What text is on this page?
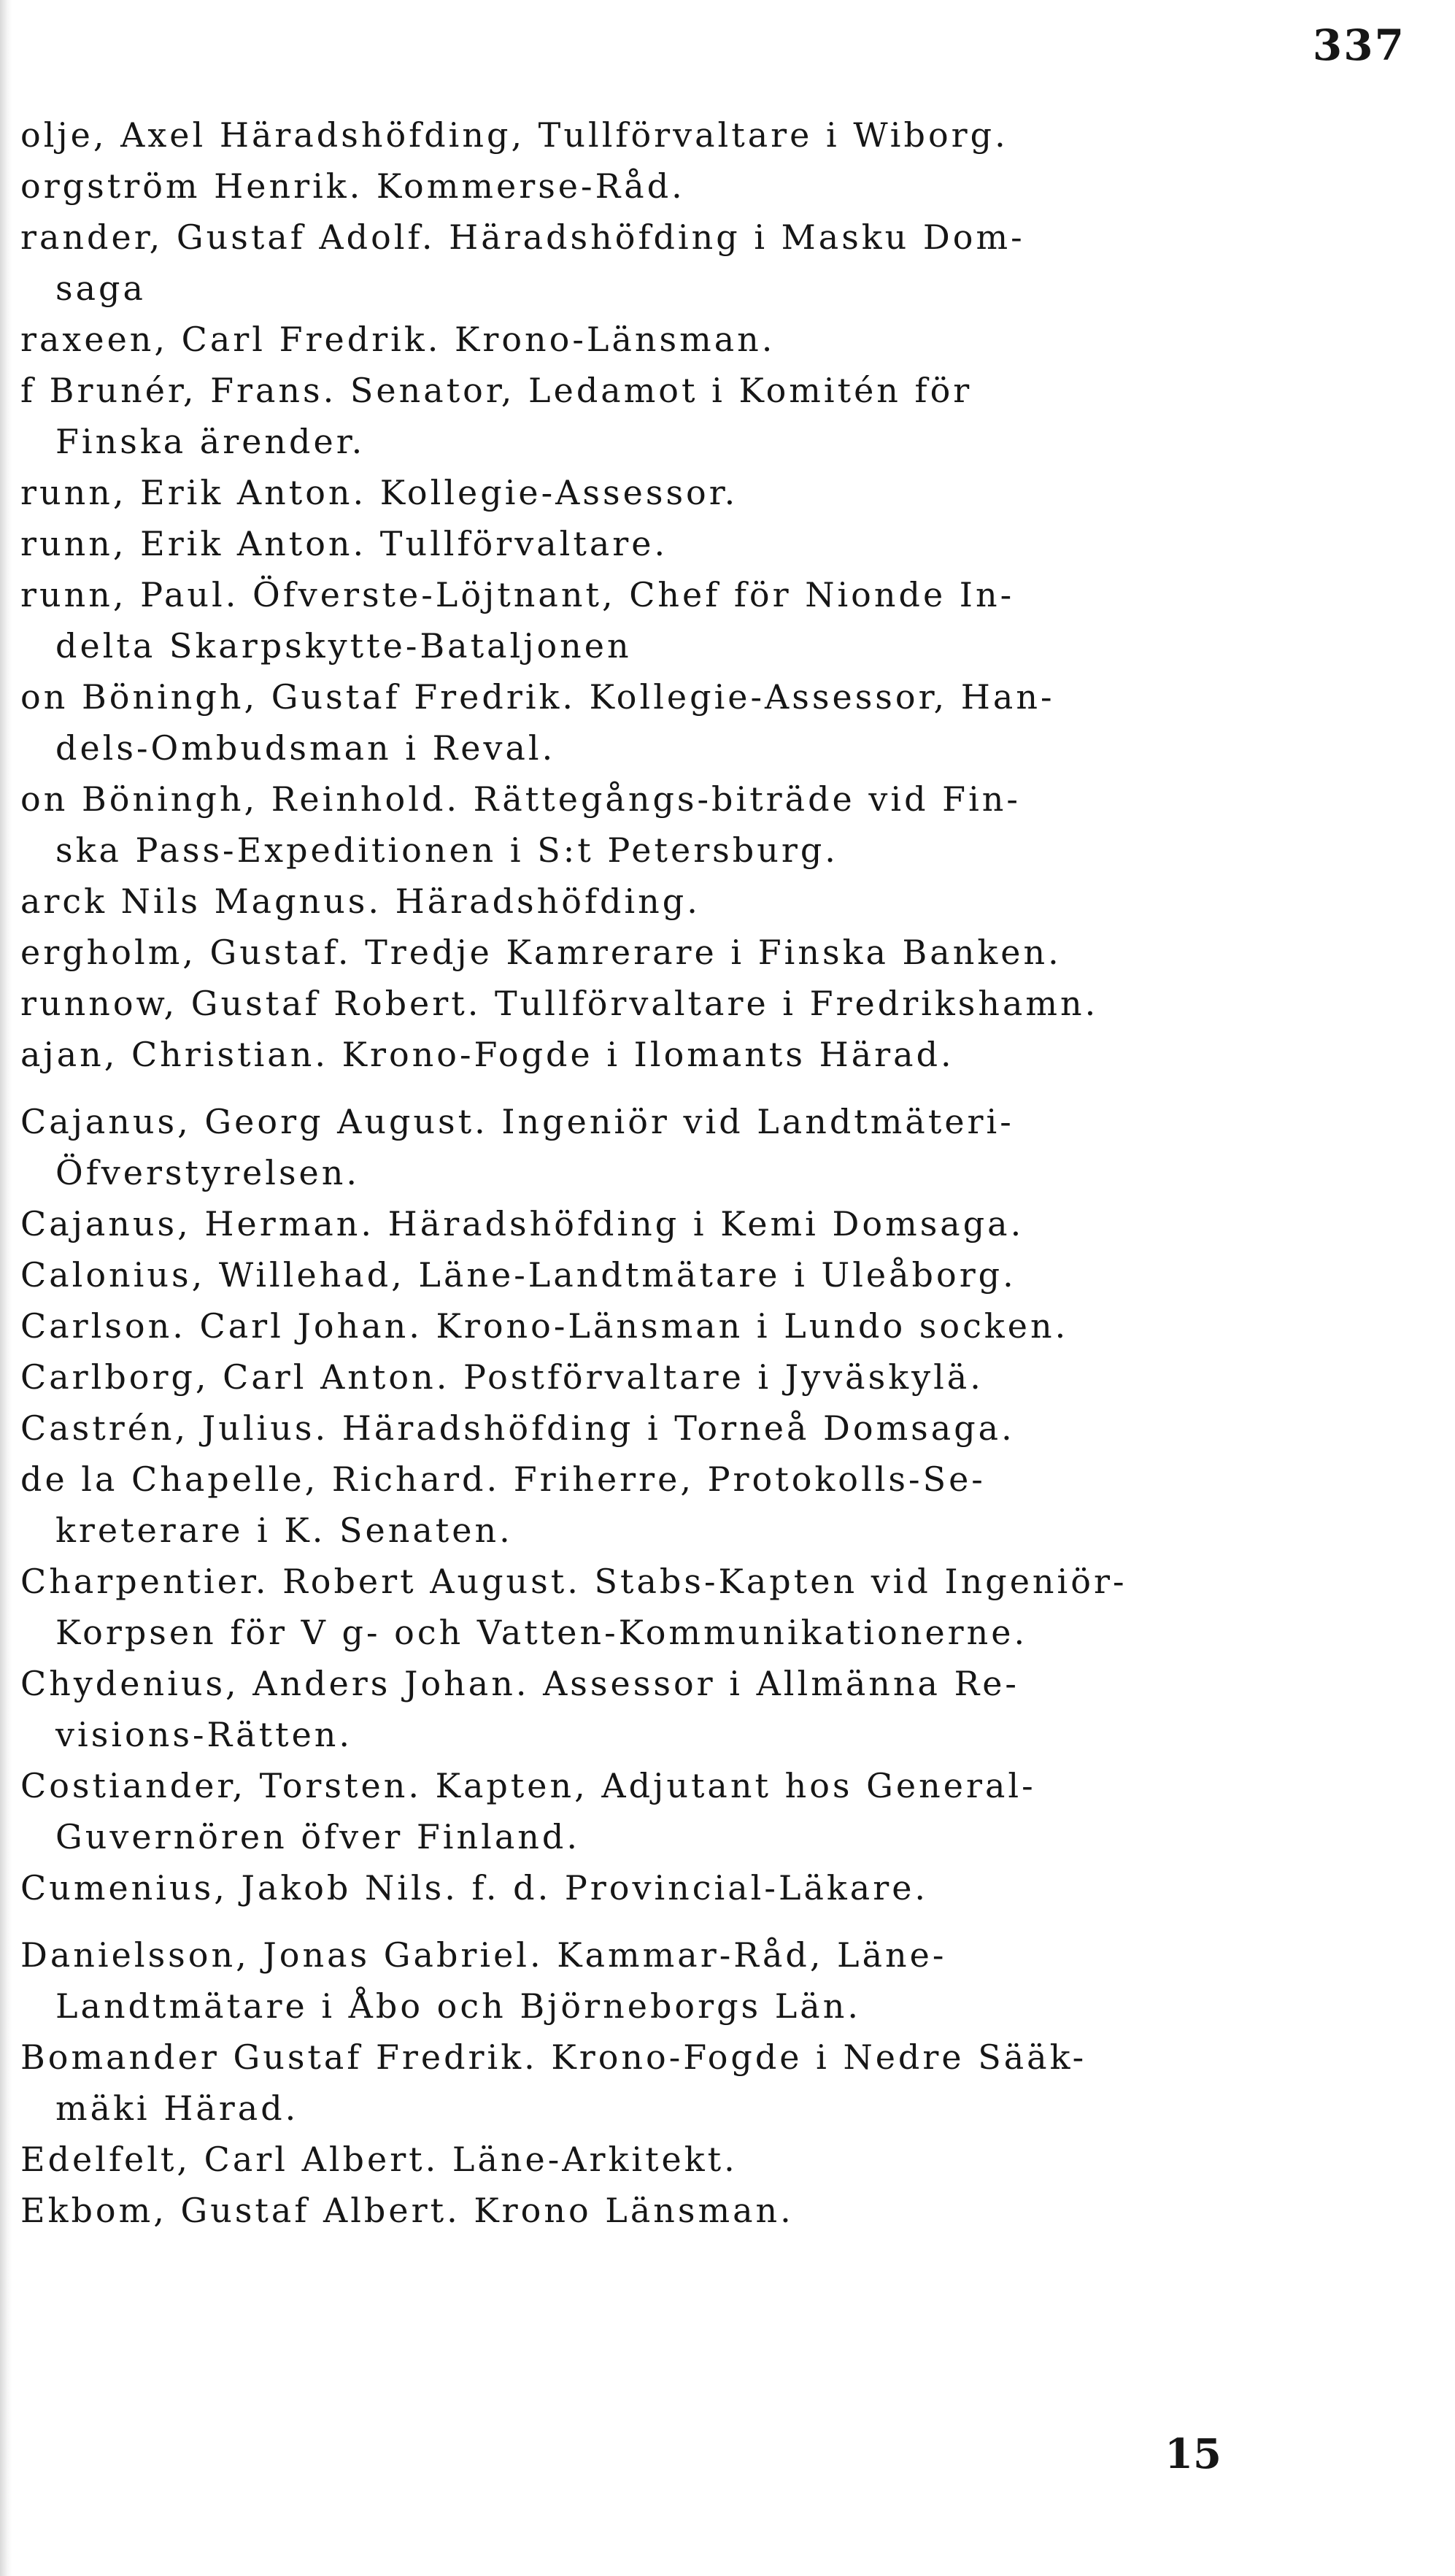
337
olje, Axel Häradshöfding, Tullförvaltare i Wiborg.
orgström Henrik. Kommerse-Råd.
rander, Gustaf Adolf. Häradshöfding i Masku Dom-
saga
raxeen, Carl Fredrik. Krono-Länsman.
f Brunér, Frans. Senator, Ledamot i Komitén för
Finska ärender.
runn, Erik Anton. Kollegie-Assessor.
runn, Erik Anton. Tullförvaltare.
runn, Paul. Öfverste-Löjtnant, Chef för Nionde In-
delta Skarpskytte-Bataljonen
on Böningh, Gustaf Fredrik. Kollegie-Assessor, Han-
dels-Ombudsman i Reval.
on Böningh, Reinhold. Rättegångs-biträde vid Fin-
ska Pass-Expeditionen i S:t Petersburg.
arck Nils Magnus. Häradshöfding.
ergholm, Gustaf. Tredje Kamrerare i Finska Banken.
runnow, Gustaf Robert. Tullförvaltare i Fredrikshamn.
ajan, Christian. Krono-Fogde i Ilomants Härad.
Cajanus, Georg August. Ingeniör vid Landtmäteri-
Öfverstyrelsen.
Cajanus, Herman. Häradshöfding i Kemi Domsaga.
Calonius, Willehad, Läne-Landtmätare i Uleåborg.
Carlson. Carl Johan. Krono-Länsman i Lundo socken.
Carlborg, Carl Anton. Postförvaltare i Jyväskylä.
Castrén, Julius. Häradshöfding i Torneå Domsaga.
de la Chapelle, Richard. Friherre, Protokolls-Se-
kreterare i K. Senaten.
Charpentier. Robert August. Stabs-Kapten vid Ingeniör-
Korpsen för V g- och Vatten-Kommunikationerne.
Chydenius, Anders Johan. Assessor i Allmänna Re-
visions-Rätten.
Costiander, Torsten. Kapten, Adjutant hos General-
Guvernören öfver Finland.
Cumenius, Jakob Nils. f. d. Provincial-Läkare.
Danielsson, Jonas Gabriel. Kammar-Råd, Läne-
Landtmätare i Åbo och Björneborgs Län.
Bomander Gustaf Fredrik. Krono-Fogde i Nedre Sääk-
mäki Härad.
Edelfelt, Carl Albert. Läne-Arkitekt.
Ekbom, Gustaf Albert. Krono Länsman.
15
